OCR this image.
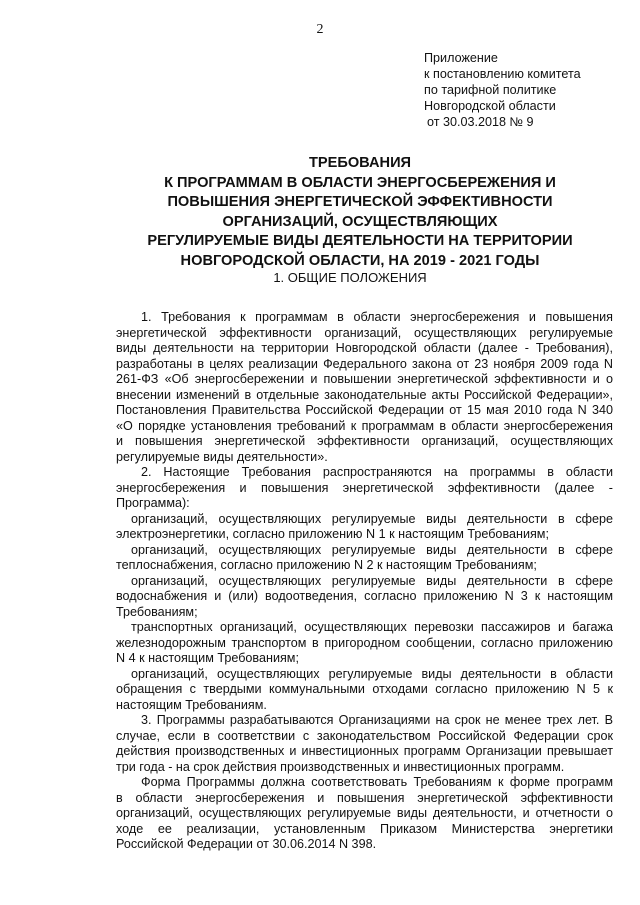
2
Приложение
к постановлению комитета
по тарифной политике
Новгородской области
от 30.03.2018 № 9
ТРЕБОВАНИЯ
К ПРОГРАММАМ В ОБЛАСТИ ЭНЕРГОСБЕРЕЖЕНИЯ И
ПОВЫШЕНИЯ ЭНЕРГЕТИЧЕСКОЙ ЭФФЕКТИВНОСТИ
ОРГАНИЗАЦИЙ, ОСУЩЕСТВЛЯЮЩИХ
РЕГУЛИРУЕМЫЕ ВИДЫ ДЕЯТЕЛЬНОСТИ НА ТЕРРИТОРИИ
НОВГОРОДСКОЙ ОБЛАСТИ, НА 2019 - 2021 ГОДЫ
1. ОБЩИЕ ПОЛОЖЕНИЯ
1. Требования к программам в области энергосбережения и повышения
энергетической эффективности организаций, осуществляющих регулируемые
виды деятельности на территории Новгородской области (далее - Требования),
разработаны в целях реализации Федерального закона от 23 ноября 2009 года N
261-ФЗ «Об энергосбережении и повышении энергетической эффективности и о
внесении изменений в отдельные законодательные акты Российской Федерации»,
Постановления Правительства Российской Федерации от 15 мая 2010 года N 340
«О порядке установления требований к программам в области энергосбережения
и повышения энергетической эффективности организаций, осуществляющих
регулируемые виды деятельности».
2. Настоящие Требования распространяются на программы в области
энергосбережения и повышения энергетической эффективности (далее -
Программа):
организаций, осуществляющих регулируемые виды деятельности в сфере
электроэнергетики, согласно приложению N 1 к настоящим Требованиям;
организаций, осуществляющих регулируемые виды деятельности в сфере
теплоснабжения, согласно приложению N 2 к настоящим Требованиям;
организаций, осуществляющих регулируемые виды деятельности в сфере
водоснабжения и (или) водоотведения, согласно приложению N 3 к настоящим
Требованиям;
транспортных организаций, осуществляющих перевозки пассажиров и багажа
железнодорожным транспортом в пригородном сообщении, согласно приложению
N 4 к настоящим Требованиям;
организаций, осуществляющих регулируемые виды деятельности в области
обращения с твердыми коммунальными отходами согласно приложению N 5 к
настоящим Требованиям.
3. Программы разрабатываются Организациями на срок не менее трех лет. В
случае, если в соответствии с законодательством Российской Федерации срок
действия производственных и инвестиционных программ Организации превышает
три года - на срок действия производственных и инвестиционных программ.
Форма Программы должна соответствовать Требованиям к форме программ
в области энергосбережения и повышения энергетической эффективности
организаций, осуществляющих регулируемые виды деятельности, и отчетности о
ходе ее реализации, установленным Приказом Министерства энергетики
Российской Федерации от 30.06.2014 N 398.
